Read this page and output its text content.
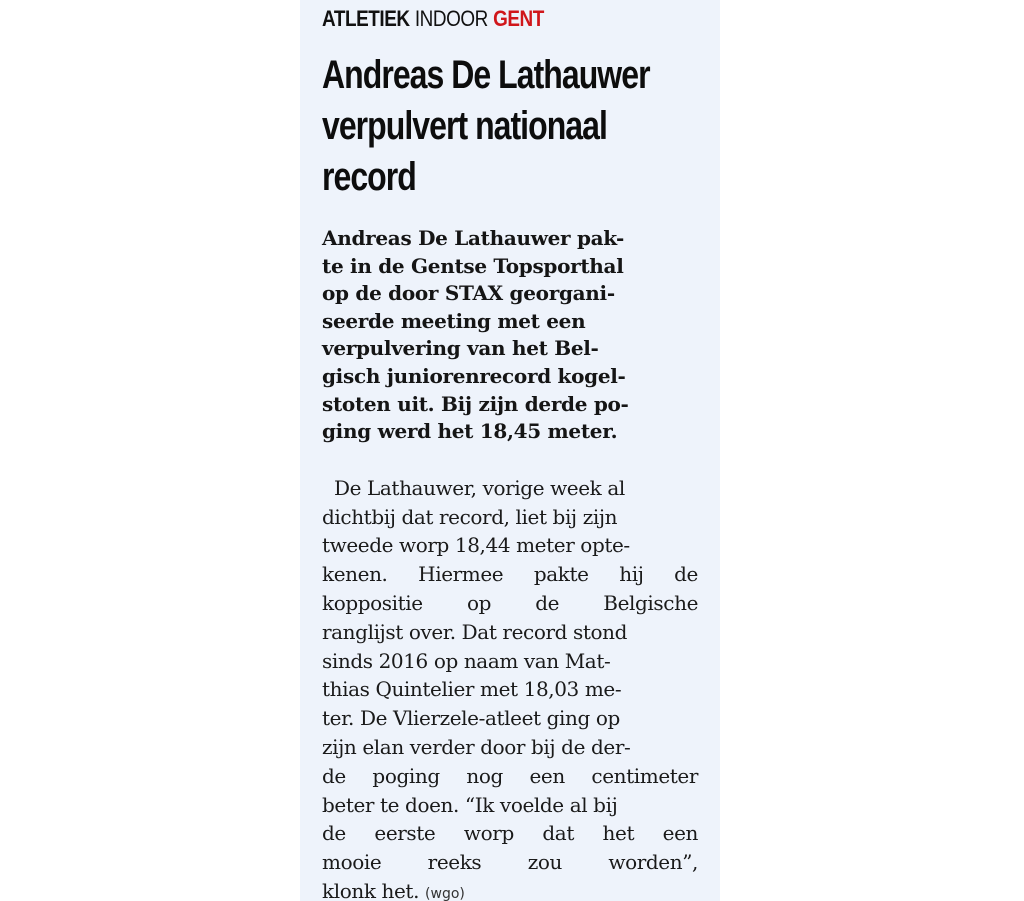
ATLETIEK INDOOR GENT
Andreas De Lathauwer
verpulvert nationaal
record
Andreas De Lathauwer pak-
te in de Gentse Topsporthal
op de door STAX georgani-
seerde meeting met een
verpulvering van het Bel-
gisch juniorenrecord kogel-
stoten uit. Bij zijn derde po-
ging werd het 18,45 meter.
De Lathauwer, vorige week al
dichtbij dat record, liet bij zijn
tweede worp 18,44 meter opte-
kenen. Hiermee pakte hij de
koppositie op de Belgische
ranglijst over. Dat record stond
sinds 2016 op naam van Mat-
thias Quintelier met 18,03 me-
ter. De Vlierzele-atleet ging op
zijn elan verder door bij de der-
de poging nog een centimeter
beter te doen. “Ik voelde al bij
de eerste worp dat het een
mooie reeks zou worden”,
klonk het. (wgo)
